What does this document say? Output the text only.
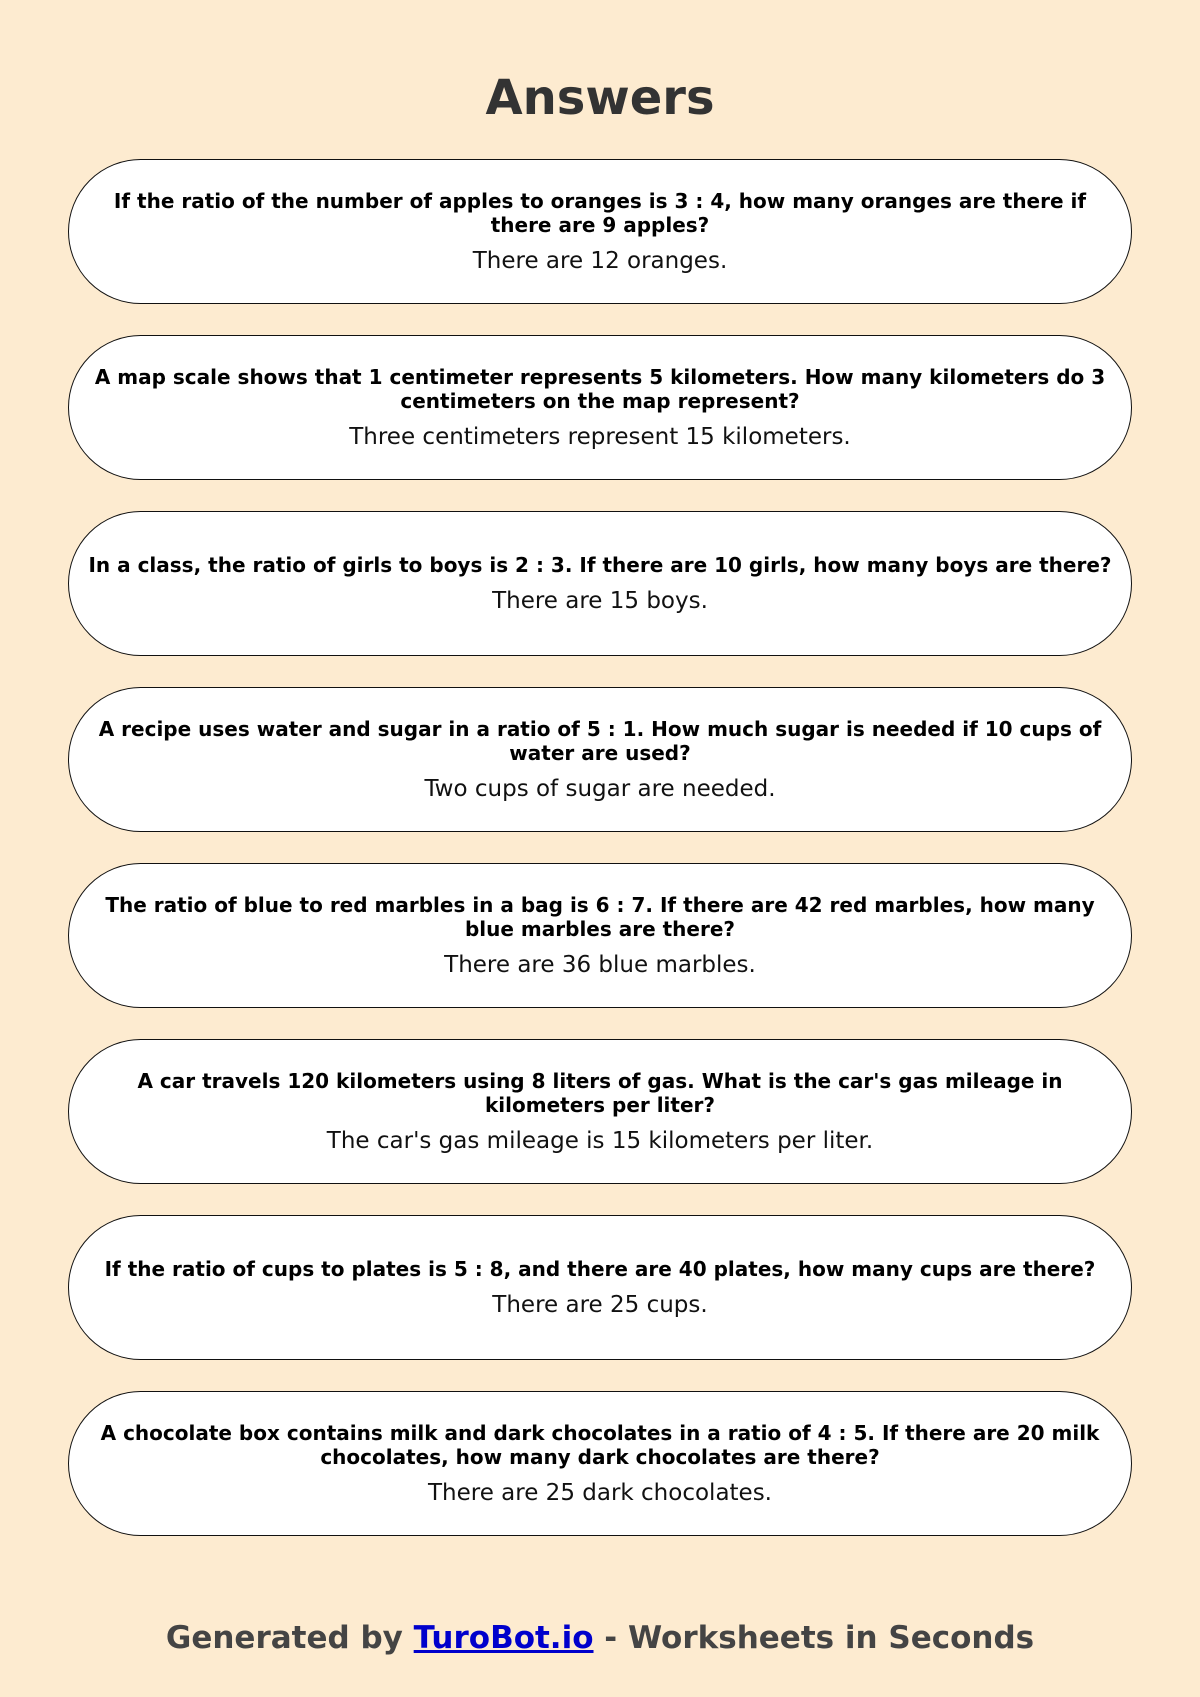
Answers

If the ratio of the number of apples to oranges is 3 : 4, how many oranges are there if there are 9 apples?

There are 12 oranges.

A map scale shows that 1 centimeter represents 5 kilometers. How many kilometers do 3 centimeters on the map represent?

Three centimeters represent 15 kilometers.

In a class, the ratio of girls to boys is 2 : 3. If there are 10 girls, how many boys are there?

There are 15 boys.

A recipe uses water and sugar in a ratio of 5 : 1. How much sugar is needed if 10 cups of water are used?

Two cups of sugar are needed.

The ratio of blue to red marbles in a bag is 6 : 7. If there are 42 red marbles, how many blue marbles are there?

There are 36 blue marbles.

A car travels 120 kilometers using 8 liters of gas. What is the car's gas mileage in kilometers per liter?

The car's gas mileage is 15 kilometers per liter.

If the ratio of cups to plates is 5 : 8, and there are 40 plates, how many cups are there?

There are 25 cups.

A chocolate box contains milk and dark chocolates in a ratio of 4 : 5. If there are 20 milk chocolates, how many dark chocolates are there?

There are 25 dark chocolates.

Generated by TuroBot.io - Worksheets in Seconds
